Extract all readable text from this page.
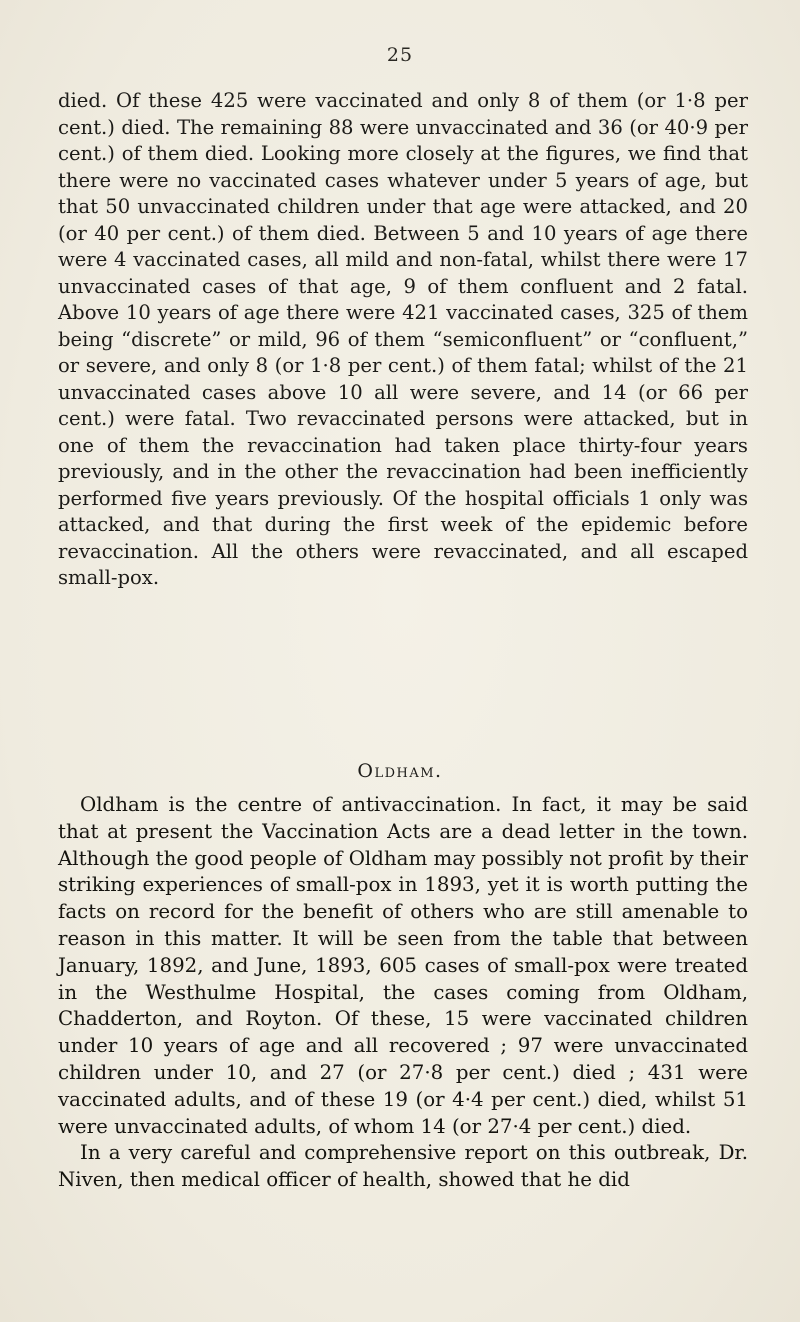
25

died. Of these 425 were vaccinated and only 8 of them (or 1·8 per cent.) died. The remaining 88 were unvaccinated and 36 (or 40·9 per cent.) of them died. Looking more closely at the figures, we find that there were no vaccinated cases whatever under 5 years of age, but that 50 unvaccinated children under that age were attacked, and 20 (or 40 per cent.) of them died. Between 5 and 10 years of age there were 4 vaccinated cases, all mild and non-fatal, whilst there were 17 unvaccinated cases of that age, 9 of them confluent and 2 fatal. Above 10 years of age there were 421 vaccinated cases, 325 of them being “discrete” or mild, 96 of them “semiconfluent” or “confluent,” or severe, and only 8 (or 1·8 per cent.) of them fatal; whilst of the 21 unvaccinated cases above 10 all were severe, and 14 (or 66 per cent.) were fatal. Two revaccinated persons were attacked, but in one of them the revaccination had taken place thirty-four years previously, and in the other the revaccination had been inefficiently performed five years previously. Of the hospital officials 1 only was attacked, and that during the first week of the epidemic before revaccination. All the others were revaccinated, and all escaped small-pox.

Oldham.

Oldham is the centre of antivaccination. In fact, it may be said that at present the Vaccination Acts are a dead letter in the town. Although the good people of Oldham may possibly not profit by their striking experiences of small-pox in 1893, yet it is worth putting the facts on record for the benefit of others who are still amenable to reason in this matter. It will be seen from the table that between January, 1892, and June, 1893, 605 cases of small-pox were treated in the Westhulme Hospital, the cases coming from Oldham, Chadderton, and Royton. Of these, 15 were vaccinated children under 10 years of age and all recovered ; 97 were unvaccinated children under 10, and 27 (or 27·8 per cent.) died ; 431 were vaccinated adults, and of these 19 (or 4·4 per cent.) died, whilst 51 were unvaccinated adults, of whom 14 (or 27·4 per cent.) died.

In a very careful and comprehensive report on this outbreak, Dr. Niven, then medical officer of health, showed that he did
